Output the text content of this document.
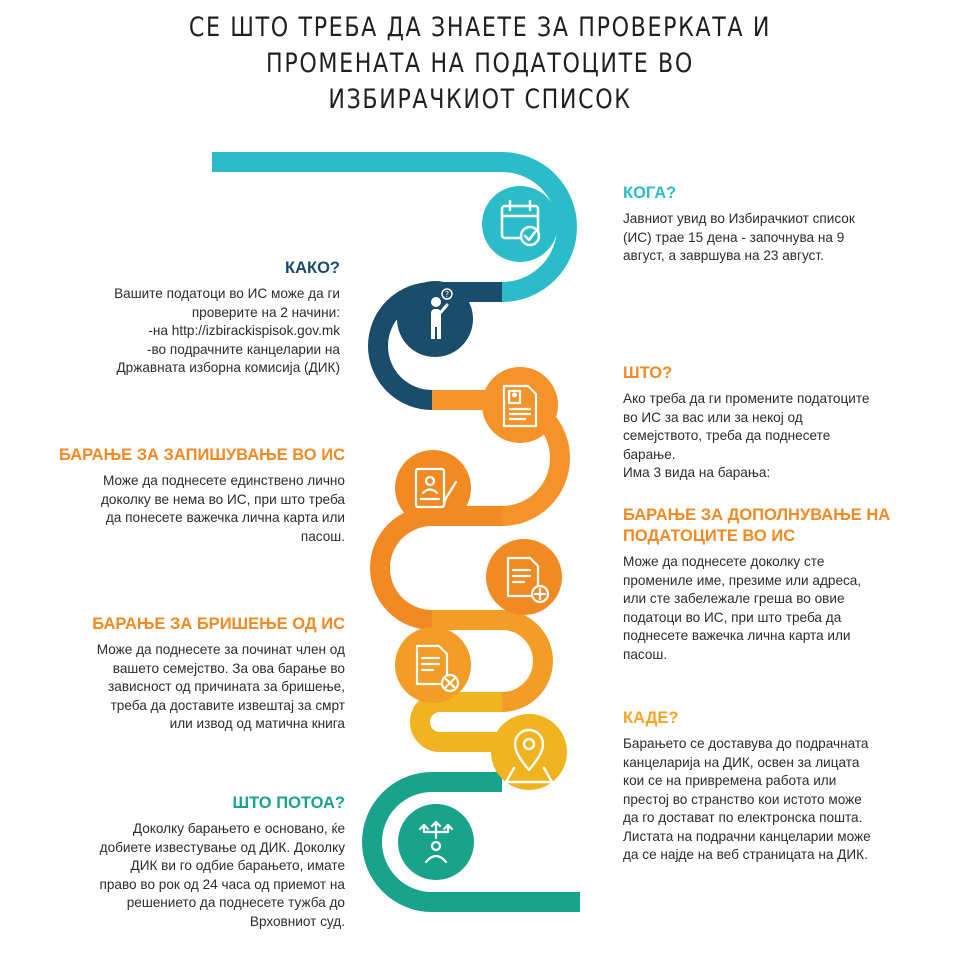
СЕ ШТО ТРЕБА ДА ЗНАЕТЕ ЗА ПРОВЕРКАТА И
ПРОМЕНАТА НА ПОДАТОЦИТЕ ВО
ИЗБИРАЧКИОТ СПИСОК
?
КОГА?

Јавниот увид во Избирачкиот список
(ИС) трае 15 дена - започнува на 9
август, а завршува на 23 август.

КАКО?

Вашите податоци во ИС може да ги
проверите на 2 начини:
-на http://izbirackispisok.gov.mk
-во подрачните канцеларии на
Државната изборна комисија (ДИК)	ШТО?

Ако треба да ги промените податоците
во ИС за вас или за некој од
семејството, треба да поднесете
барање.
Има 3 вида на барања:

БАРАЊЕ ЗА ЗАПИШУВАЊЕ ВО ИС

Може да поднесете единствено лично
доколку ве нема во ИС, при што треба
да понесете важечка лична карта или
пасош.

БАРАЊЕ ЗА ДОПОЛНУВАЊЕ НА
ПОДАТОЦИТЕ ВО ИС

Може да поднесете доколку сте
промениле име, презиме или адреса,
или сте забележале греша во овие
податоци во ИС, при што треба да
поднесете важечка лична карта или
пасош.

БАРАЊЕ ЗА БРИШЕЊЕ ОД ИС

Може да поднесете за починат член од
вашето семејство. За ова барање во
зависност од причината за бришење,
треба да доставите извештај за смрт
или извод од матична книга	КАДЕ?

Барањето се доставува до подрачната
канцеларија на ДИК, освен за лицата
кои се на привремена работа или
престој во странство кои истото може
да го достават по електронска пошта.
Листата на подрачни канцеларии може
да се најде на веб страницата на ДИК.

ШТО ПОТОА?

Доколку барањето е основано, ќе
добиете известување од ДИК. Доколку
ДИК ви го одбие барањето, имате
право во рок од 24 часа од приемот на
решението да поднесете тужба до
Врховниот суд.
